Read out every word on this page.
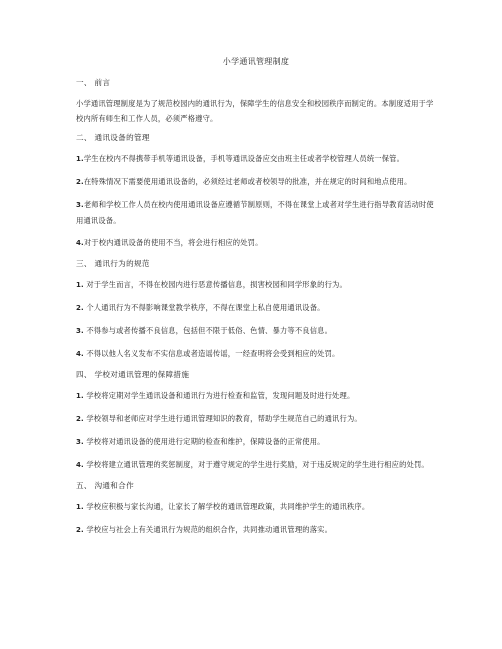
小学通讯管理制度
一、 前言
小学通讯管理制度是为了规范校园内的通讯行为，保障学生的信息安全和校园秩序而制定的。本制度适用于学校内所有师生和工作人员，必须严格遵守。
二、 通讯设备的管理
1.学生在校内不得携带手机等通讯设备，手机等通讯设备应交由班主任或者学校管理人员统一保管。
2.在特殊情况下需要使用通讯设备的，必须经过老师或者校领导的批准，并在规定的时间和地点使用。
3.老师和学校工作人员在校内使用通讯设备应遵循节制原则，不得在课堂上或者对学生进行指导教育活动时使用通讯设备。
4.对于校内通讯设备的使用不当，将会进行相应的处罚。
三、 通讯行为的规范
1. 对于学生而言，不得在校园内进行恶意传播信息，损害校园和同学形象的行为。
2. 个人通讯行为不得影响课堂教学秩序，不得在课堂上私自使用通讯设备。
3. 不得参与或者传播不良信息，包括但不限于低俗、色情、暴力等不良信息。
4. 不得以他人名义发布不实信息或者造谣传谣，一经查明将会受到相应的处罚。
四、 学校对通讯管理的保障措施
1. 学校将定期对学生通讯设备和通讯行为进行检查和监管，发现问题及时进行处理。
2. 学校领导和老师应对学生进行通讯管理知识的教育，帮助学生规范自己的通讯行为。
3. 学校将对通讯设备的使用进行定期的检查和维护，保障设备的正常使用。
4. 学校将建立通讯管理的奖惩制度，对于遵守规定的学生进行奖励，对于违反规定的学生进行相应的处罚。
五、 沟通和合作
1. 学校应积极与家长沟通，让家长了解学校的通讯管理政策，共同维护学生的通讯秩序。
2. 学校应与社会上有关通讯行为规范的组织合作，共同推动通讯管理的落实。
